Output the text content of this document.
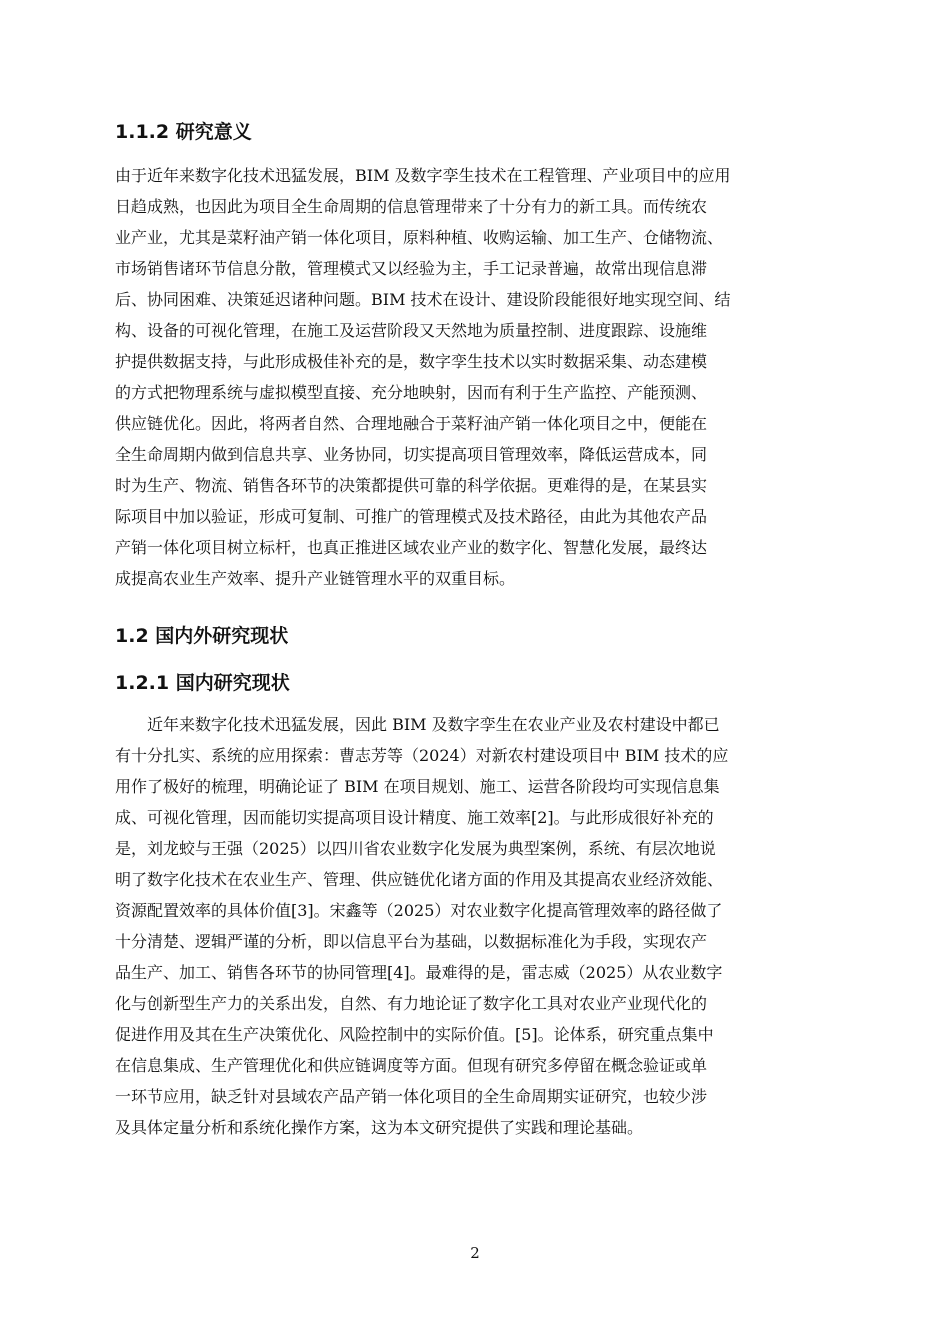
1.1.2 研究意义
由于近年来数字化技术迅猛发展，BIM 及数字孪生技术在工程管理、产业项目中的应用
日趋成熟，也因此为项目全生命周期的信息管理带来了十分有力的新工具。而传统农
业产业，尤其是菜籽油产销一体化项目，原料种植、收购运输、加工生产、仓储物流、
市场销售诸环节信息分散，管理模式又以经验为主，手工记录普遍，故常出现信息滞
后、协同困难、决策延迟诸种问题。BIM 技术在设计、建设阶段能很好地实现空间、结
构、设备的可视化管理，在施工及运营阶段又天然地为质量控制、进度跟踪、设施维
护提供数据支持，与此形成极佳补充的是，数字孪生技术以实时数据采集、动态建模
的方式把物理系统与虚拟模型直接、充分地映射，因而有利于生产监控、产能预测、
供应链优化。因此，将两者自然、合理地融合于菜籽油产销一体化项目之中，便能在
全生命周期内做到信息共享、业务协同，切实提高项目管理效率，降低运营成本，同
时为生产、物流、销售各环节的决策都提供可靠的科学依据。更难得的是，在某县实
际项目中加以验证，形成可复制、可推广的管理模式及技术路径，由此为其他农产品
产销一体化项目树立标杆，也真正推进区域农业产业的数字化、智慧化发展，最终达
成提高农业生产效率、提升产业链管理水平的双重目标。
1.2 国内外研究现状
1.2.1 国内研究现状
近年来数字化技术迅猛发展，因此 BIM 及数字孪生在农业产业及农村建设中都已
有十分扎实、系统的应用探索：曹志芳等（2024）对新农村建设项目中 BIM 技术的应
用作了极好的梳理，明确论证了 BIM 在项目规划、施工、运营各阶段均可实现信息集
成、可视化管理，因而能切实提高项目设计精度、施工效率[2]。与此形成很好补充的
是，刘龙蛟与王强（2025）以四川省农业数字化发展为典型案例，系统、有层次地说
明了数字化技术在农业生产、管理、供应链优化诸方面的作用及其提高农业经济效能、
资源配置效率的具体价值[3]。宋鑫等（2025）对农业数字化提高管理效率的路径做了
十分清楚、逻辑严谨的分析，即以信息平台为基础，以数据标准化为手段，实现农产
品生产、加工、销售各环节的协同管理[4]。最难得的是，雷志威（2025）从农业数字
化与创新型生产力的关系出发，自然、有力地论证了数字化工具对农业产业现代化的
促进作用及其在生产决策优化、风险控制中的实际价值。[5]。论体系，研究重点集中
在信息集成、生产管理优化和供应链调度等方面。但现有研究多停留在概念验证或单
一环节应用，缺乏针对县域农产品产销一体化项目的全生命周期实证研究，也较少涉
及具体定量分析和系统化操作方案，这为本文研究提供了实践和理论基础。
2
